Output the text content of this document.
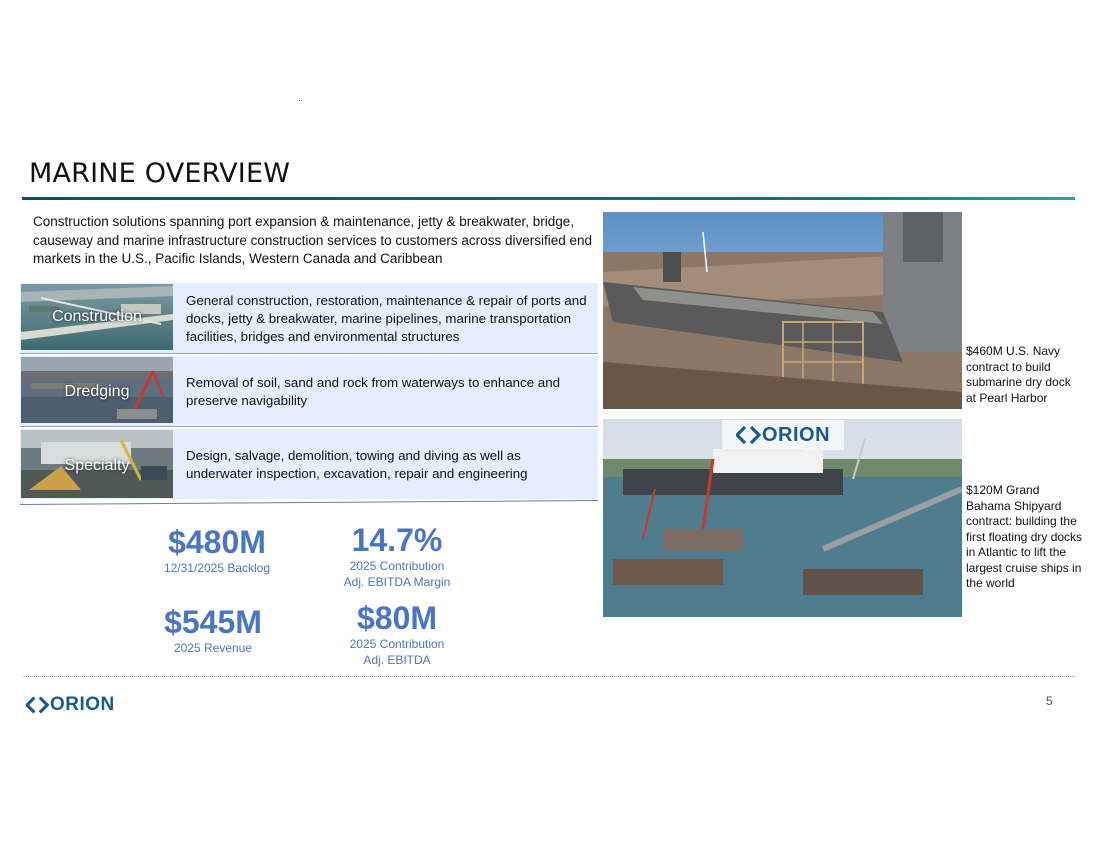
MARINE OVERVIEW
Construction solutions spanning port expansion & maintenance, jetty & breakwater, bridge, causeway and marine infrastructure construction services to customers across diversified end markets in the U.S., Pacific Islands, Western Canada and Caribbean
Construction
General construction, restoration, maintenance & repair of ports and docks, jetty & breakwater, marine pipelines, marine transportation facilities, bridges and environmental structures
Dredging
Removal of soil, sand and rock from waterways to enhance and preserve navigability
Specialty
Design, salvage, demolition, towing and diving as well as underwater inspection, excavation, repair and engineering
$480M
12/31/2025 Backlog
14.7%
2025 Contribution
Adj. EBITDA Margin
$545M
2025 Revenue
$80M
2025 Contribution
Adj. EBITDA
$460M U.S. Navy contract to build submarine dry dock at Pearl Harbor
ORION
$120M Grand Bahama Shipyard contract: building the first floating dry docks in Atlantic to lift the largest cruise ships in the world
ORION	5
